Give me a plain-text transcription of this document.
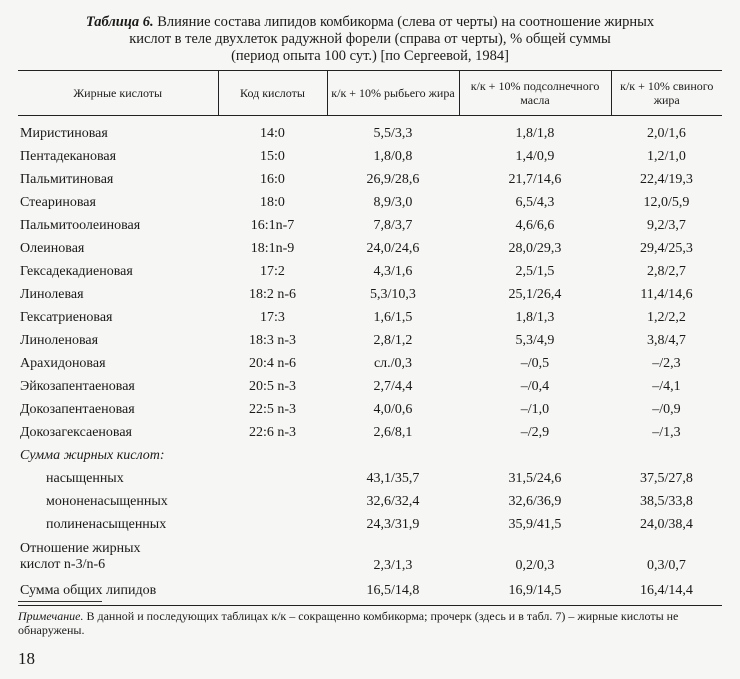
Таблица 6. Влияние состава липидов комбикорма (слева от черты) на соотношение жирных
кислот в теле двухлеток радужной форели (справа от черты), % общей суммы
(период опыта 100 сут.) [по Сергеевой, 1984]
Жирные кислоты	Код кислоты	к/к + 10% рыбьего жира	к/к + 10% подсолнечного масла	к/к + 10% свиного жира

Миристиновая	14:0	5,5/3,3	1,8/1,8	2,0/1,6
Пентадекановая	15:0	1,8/0,8	1,4/0,9	1,2/1,0
Пальмитиновая	16:0	26,9/28,6	21,7/14,6	22,4/19,3
Стеариновая	18:0	8,9/3,0	6,5/4,3	12,0/5,9
Пальмитоолеиновая	16:1n-7	7,8/3,7	4,6/6,6	9,2/3,7
Олеиновая	18:1n-9	24,0/24,6	28,0/29,3	29,4/25,3
Гексадекадиеновая	17:2	4,3/1,6	2,5/1,5	2,8/2,7
Линолевая	18:2 n-6	5,3/10,3	25,1/26,4	11,4/14,6
Гексатриеновая	17:3	1,6/1,5	1,8/1,3	1,2/2,2
Линоленовая	18:3 n-3	2,8/1,2	5,3/4,9	3,8/4,7
Арахидоновая	20:4 n-6	сл./0,3	–/0,5	–/2,3
Эйкозапентаеновая	20:5 n-3	2,7/4,4	–/0,4	–/4,1
Докозапентаеновая	22:5 n-3	4,0/0,6	–/1,0	–/0,9
Докозагексаеновая	22:6 n-3	2,6/8,1	–/2,9	–/1,3
Сумма жирных кислот:				
насыщенных		43,1/35,7	31,5/24,6	37,5/27,8
мононенасыщенных		32,6/32,4	32,6/36,9	38,5/33,8
полиненасыщенных		24,3/31,9	35,9/41,5	24,0/38,4

Отношение жирных
кислот n-3/n-6		2,3/1,3	0,2/0,3	0,3/0,7
Сумма общих липидов		16,5/14,8	16,9/14,5	16,4/14,4
Примечание. В данной и последующих таблицах к/к – сокращенно комбикорма; прочерк (здесь и в табл. 7) – жирные кислоты не обнаружены.
18
